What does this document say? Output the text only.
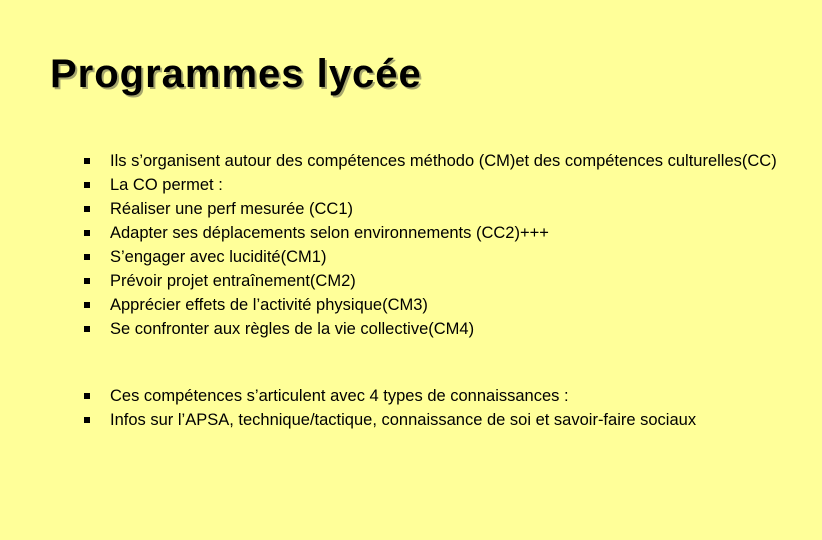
Programmes lycée
Ils s’organisent autour des compétences méthodo (CM)et des compétences culturelles(CC)
La CO permet :
Réaliser une perf mesurée (CC1)
Adapter ses déplacements selon environnements (CC2)+++
S’engager avec lucidité(CM1)
Prévoir projet entraînement(CM2)
Apprécier effets de l’activité physique(CM3)
Se confronter aux règles de la vie collective(CM4)
Ces compétences s’articulent avec 4 types de connaissances :
Infos sur l’APSA, technique/tactique, connaissance de soi et savoir-faire sociaux
